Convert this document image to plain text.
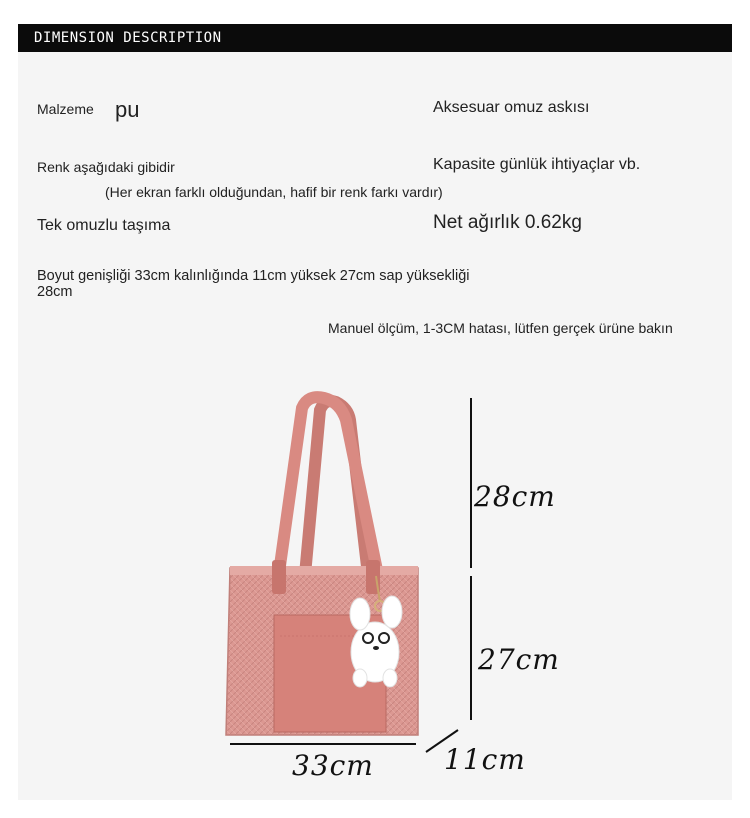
DIMENSION DESCRIPTION
Malzeme pu	Aksesuar omuz askısı
Renk aşağıdaki gibidir	Kapasite günlük ihtiyaçlar vb.
(Her ekran farklı olduğundan, hafif bir renk farkı vardır)
Tek omuzlu taşıma	Net ağırlık 0.62kg
Boyut genişliği 33cm kalınlığında 11cm yüksek 27cm sap yüksekliği 28cm
Manuel ölçüm, 1-3CM hatası, lütfen gerçek ürüne bakın
28cm
27cm
33cm	11cm
